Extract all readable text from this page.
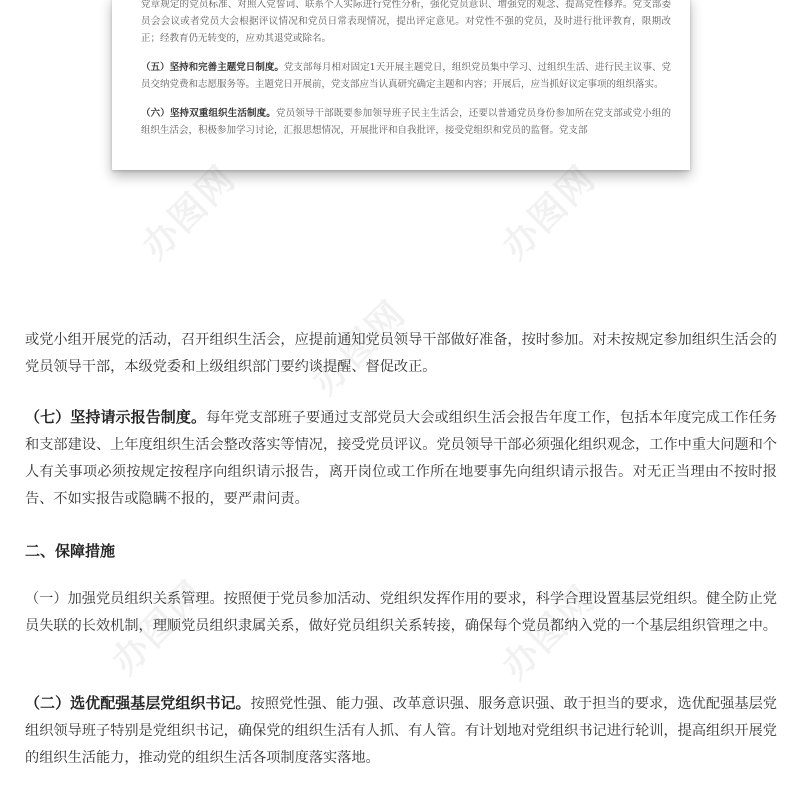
党章规定的党员标准、对照入党誓词、联系个人实际进行党性分析，强化党员意识、增强党的观念、提高党性修养。党支部委员会会议或者党员大会根据评议情况和党员日常表现情况，提出评定意见。对党性不强的党员，及时进行批评教育，限期改正；经教育仍无转变的，应劝其退党或除名。

（五）坚持和完善主题党日制度。党支部每月相对固定1天开展主题党日，组织党员集中学习、过组织生活、进行民主议事、党员交纳党费和志愿服务等。主题党日开展前，党支部应当认真研究确定主题和内容；开展后，应当抓好议定事项的组织落实。

（六）坚持双重组织生活制度。党员领导干部既要参加领导班子民主生活会，还要以普通党员身份参加所在党支部或党小组的组织生活会，积极参加学习讨论，汇报思想情况，开展批评和自我批评，接受党组织和党员的监督。党支部

办图网	办图网
办图网
办图网	办图网

或党小组开展党的活动，召开组织生活会，应提前通知党员领导干部做好准备，按时参加。对未按规定参加组织生活会的党员领导干部，本级党委和上级组织部门要约谈提醒、督促改正。

（七）坚持请示报告制度。每年党支部班子要通过支部党员大会或组织生活会报告年度工作，包括本年度完成工作任务和支部建设、上年度组织生活会整改落实等情况，接受党员评议。党员领导干部必须强化组织观念，工作中重大问题和个人有关事项必须按规定按程序向组织请示报告，离开岗位或工作所在地要事先向组织请示报告。对无正当理由不按时报告、不如实报告或隐瞒不报的，要严肃问责。

二、保障措施

（一）加强党员组织关系管理。按照便于党员参加活动、党组织发挥作用的要求，科学合理设置基层党组织。健全防止党员失联的长效机制，理顺党员组织隶属关系，做好党员组织关系转接，确保每个党员都纳入党的一个基层组织管理之中。

（二）选优配强基层党组织书记。按照党性强、能力强、改革意识强、服务意识强、敢于担当的要求，选优配强基层党组织领导班子特别是党组织书记，确保党的组织生活有人抓、有人管。有计划地对党组织书记进行轮训，提高组织开展党的组织生活能力，推动党的组织生活各项制度落实落地。
